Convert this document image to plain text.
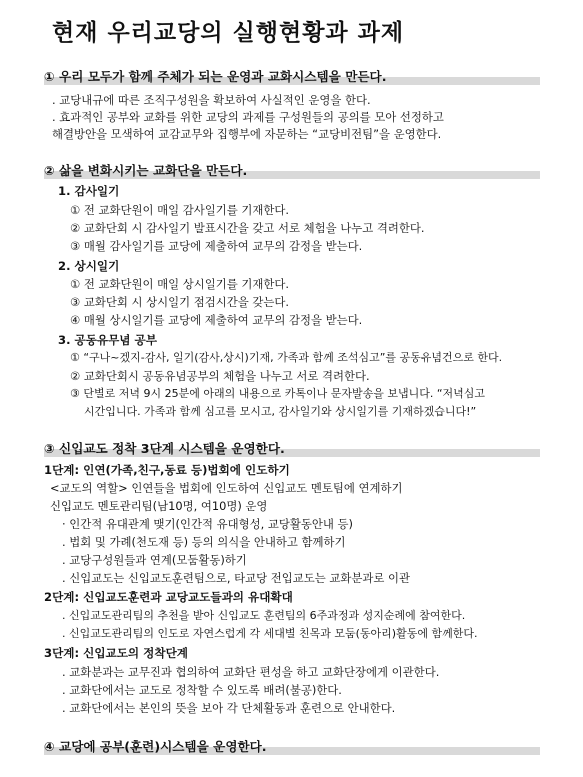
현재 우리교당의 실행현황과 과제
① 우리 모두가 함께 주체가 되는 운영과 교화시스템을 만든다.
. 교당내규에 따른 조직구성원을 확보하여 사실적인 운영을 한다.
. 효과적인 공부와 교화를 위한 교당의 과제를 구성원들의 공의를 모아 선정하고
해결방안을 모색하여 교감교무와 집행부에 자문하는 “교당비전팀”을 운영한다.
② 삶을 변화시키는 교화단을 만든다.
1. 감사일기
① 전 교화단원이 매일 감사일기를 기재한다.
② 교화단회 시 감사일기 발표시간을 갖고 서로 체험을 나누고 격려한다.
③ 매월 감사일기를 교당에 제출하여 교무의 감정을 받는다.
2. 상시일기
① 전 교화단원이 매일 상시일기를 기재한다.
③ 교화단회 시 상시일기 점검시간을 갖는다.
④ 매월 상시일기를 교당에 제출하여 교무의 감정을 받는다.
3. 공동유무념 공부
① “구나~겠지-감사, 일기(감사,상시)기재, 가족과 함께 조석심고”를 공동유념건으로 한다.
② 교화단회시 공동유념공부의 체험을 나누고 서로 격려한다.
③ 단별로 저녁 9시 25분에 아래의 내용으로 카톡이나 문자발송을 보냅니다. “저녁심고
시간입니다. 가족과 함께 심고를 모시고, 감사일기와 상시일기를 기재하겠습니다!”
③ 신입교도 정착 3단계 시스템을 운영한다.
1단계: 인연(가족,친구,동료 등)법회에 인도하기
<교도의 역할> 인연들을 법회에 인도하여 신입교도 멘토팀에 연계하기
신입교도 멘토관리팀(남10명, 여10명) 운영
· 인간적 유대관계 맺기(인간적 유대형성, 교당활동안내 등)
. 법회 및 가례(천도재 등) 등의 의식을 안내하고 함께하기
. 교당구성원들과 연계(모둠활동)하기
. 신입교도는 신입교도훈련팀으로, 타교당 전입교도는 교화분과로 이관
2단계: 신입교도훈련과 교당교도들과의 유대확대
. 신입교도관리팀의 추천을 받아 신입교도 훈련팀의 6주과정과 성지순례에 참여한다.
. 신입교도관리팀의 인도로 자연스럽게 각 세대별 친목과 모둠(동아리)활동에 함께한다.
3단계: 신입교도의 정착단계
. 교화분과는 교무진과 협의하여 교화단 편성을 하고 교화단장에게 이관한다.
. 교화단에서는 교도로 정착할 수 있도록 배려(불공)한다.
. 교화단에서는 본인의 뜻을 보아 각 단체활동과 훈련으로 안내한다.
④ 교당에 공부(훈련)시스템을 운영한다.
